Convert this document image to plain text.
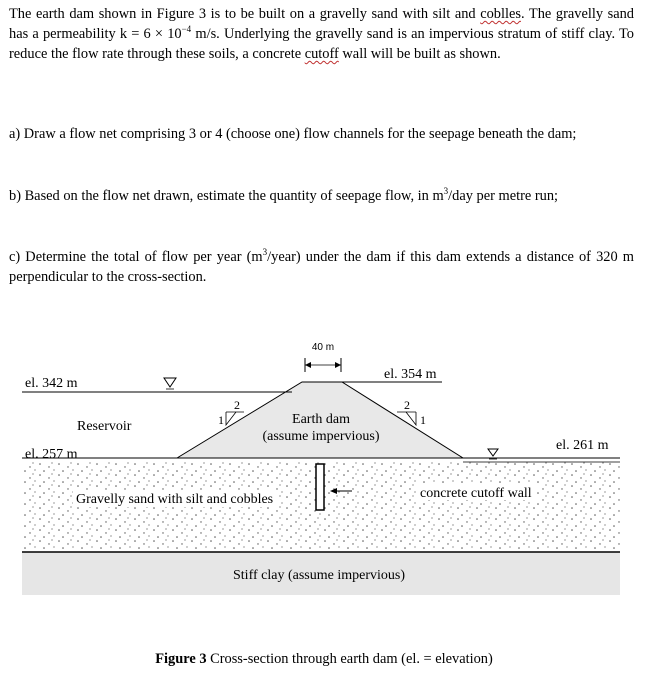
The earth dam shown in Figure 3 is to be built on a gravelly sand with silt and coblles. The gravelly sand has a permeability $k = 6 \times 10^{-4}$ m/s. Underlying the gravelly sand is an impervious stratum of stiff clay. To reduce the flow rate through these soils, a concrete cutoff wall will be built as shown.
a) Draw a flow net comprising 3 or 4 (choose one) flow channels for the seepage beneath the dam;
b) Based on the flow net drawn, estimate the quantity of seepage flow, in $m^3$/day per metre run;
c) Determine the total of flow per year $(m^3/year)$ under the dam if this dam extends a distance of 320 m perpendicular to the cross-section.
40 m
2
1
2
1
el. 342 m
el. 354 m
el. 257 m
el. 261 m
Reservoir	Earth dam
(assume impervious)
concrete cutoff wall
Gravelly sand with silt and cobbles
Stiff clay (assume impervious)
Figure 3 Cross-section through earth dam (el. = elevation)
